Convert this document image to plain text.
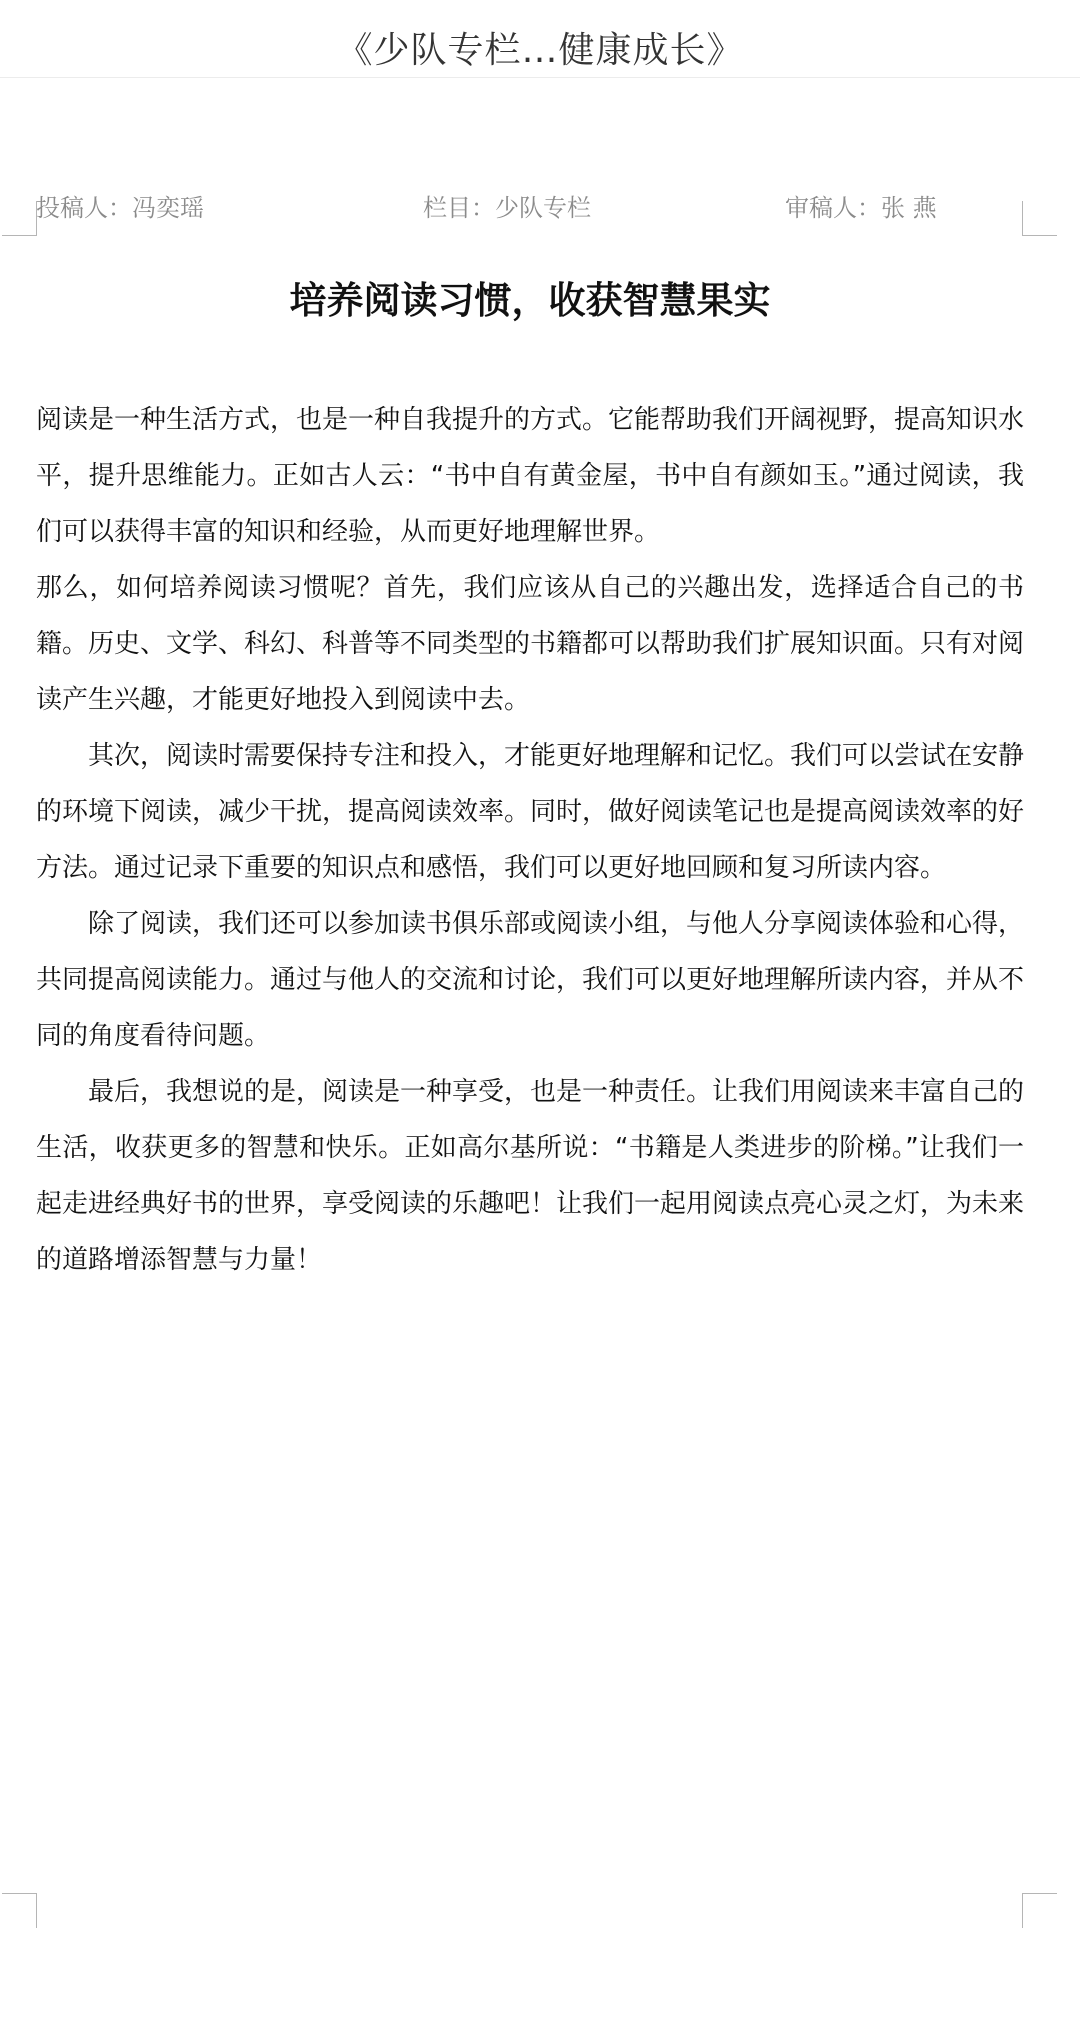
《少队专栏…健康成长》
投稿人：冯奕瑶	栏目：少队专栏	审稿人：张 燕
培养阅读习惯，收获智慧果实

阅读是一种生活方式，也是一种自我提升的方式。它能帮助我们开阔视野，提高知识水平，提升思维能力。正如古人云：“书中自有黄金屋，书中自有颜如玉。”通过阅读，我们可以获得丰富的知识和经验，从而更好地理解世界。

那么，如何培养阅读习惯呢？首先，我们应该从自己的兴趣出发，选择适合自己的书籍。历史、文学、科幻、科普等不同类型的书籍都可以帮助我们扩展知识面。只有对阅读产生兴趣，才能更好地投入到阅读中去。

其次，阅读时需要保持专注和投入，才能更好地理解和记忆。我们可以尝试在安静的环境下阅读，减少干扰，提高阅读效率。同时，做好阅读笔记也是提高阅读效率的好方法。通过记录下重要的知识点和感悟，我们可以更好地回顾和复习所读内容。

除了阅读，我们还可以参加读书俱乐部或阅读小组，与他人分享阅读体验和心得，共同提高阅读能力。通过与他人的交流和讨论，我们可以更好地理解所读内容，并从不同的角度看待问题。

最后，我想说的是，阅读是一种享受，也是一种责任。让我们用阅读来丰富自己的生活，收获更多的智慧和快乐。正如高尔基所说：“书籍是人类进步的阶梯。”让我们一起走进经典好书的世界，享受阅读的乐趣吧！让我们一起用阅读点亮心灵之灯，为未来的道路增添智慧与力量！
